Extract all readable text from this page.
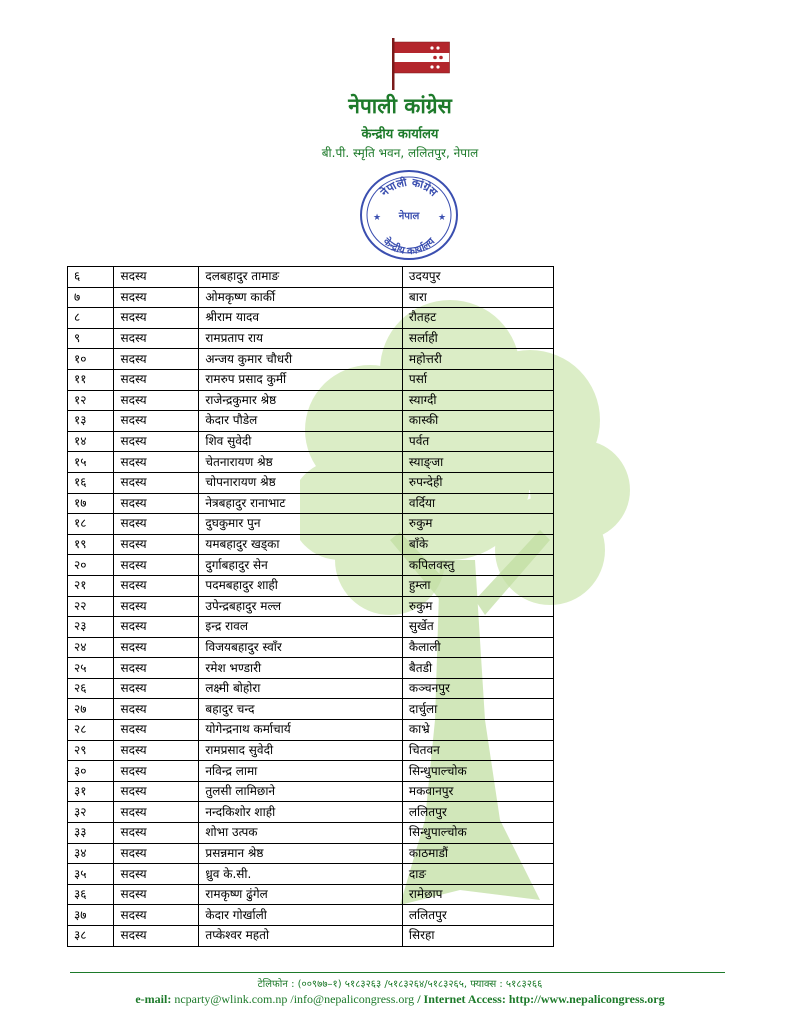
नेपाली कांग्रेस
केन्द्रीय कार्यालय
बी.पी. स्मृति भवन, ललितपुर, नेपाल
नेपाली कांग्रेस
नेपाल
केन्द्रीय कार्यालय
★	★
६	सदस्य	दलबहादुर तामाङ	उदयपुर
७	सदस्य	ओमकृष्ण कार्की	बारा
८	सदस्य	श्रीराम यादव	रौतहट
९	सदस्य	रामप्रताप राय	सर्लाही
१०	सदस्य	अन्जय कुमार चौधरी	महोत्तरी
११	सदस्य	रामरुप प्रसाद कुर्मी	पर्सा
१२	सदस्य	राजेन्द्रकुमार श्रेष्ठ	स्याग्दी
१३	सदस्य	केदार पौडेल	कास्की
१४	सदस्य	शिव सुवेदी	पर्वत
१५	सदस्य	चेतनारायण श्रेष्ठ	स्याङ्जा
१६	सदस्य	चोपनारायण श्रेष्ठ	रुपन्देही
१७	सदस्य	नेत्रबहादुर रानाभाट	वर्दिया
१८	सदस्य	दुघकुमार पुन	रुकुम
१९	सदस्य	यमबहादुर खड्का	बाँके
२०	सदस्य	दुर्गाबहादुर सेन	कपिलवस्तु
२१	सदस्य	पदमबहादुर शाही	हुम्ला
२२	सदस्य	उपेन्द्रबहादुर मल्ल	रुकुम
२३	सदस्य	इन्द्र रावल	सुर्खेत
२४	सदस्य	विजयबहादुर स्वाँर	कैलाली
२५	सदस्य	रमेश भण्डारी	बैतडी
२६	सदस्य	लक्ष्मी बोहोरा	कञ्चनपुर
२७	सदस्य	बहादुर चन्द	दार्चुला
२८	सदस्य	योगेन्द्रनाथ कर्माचार्य	काभ्रे
२९	सदस्य	रामप्रसाद सुवेदी	चितवन
३०	सदस्य	नविन्द्र लामा	सिन्धुपाल्चोक
३१	सदस्य	तुलसी लामिछाने	मकवानपुर
३२	सदस्य	नन्दकिशोर शाही	ललितपुर
३३	सदस्य	शोभा उत्पक	सिन्धुपाल्चोक
३४	सदस्य	प्रसन्नमान श्रेष्ठ	काठमाडौं
३५	सदस्य	ध्रुव के.सी.	दाङ
३६	सदस्य	रामकृष्ण ढुंगेल	रामेछाप
३७	सदस्य	केदार गोर्खाली	ललितपुर
३८	सदस्य	तप्केश्वर महतो	सिरहा
टेलिफोन : (००९७७–१) ५१८३२६३ /५१८३२६४/५१८३२६५, फ्याक्स : ५१८३२६६
e-mail: ncparty@wlink.com.np /info@nepalicongress.org / Internet Access: http://www.nepalicongress.org
